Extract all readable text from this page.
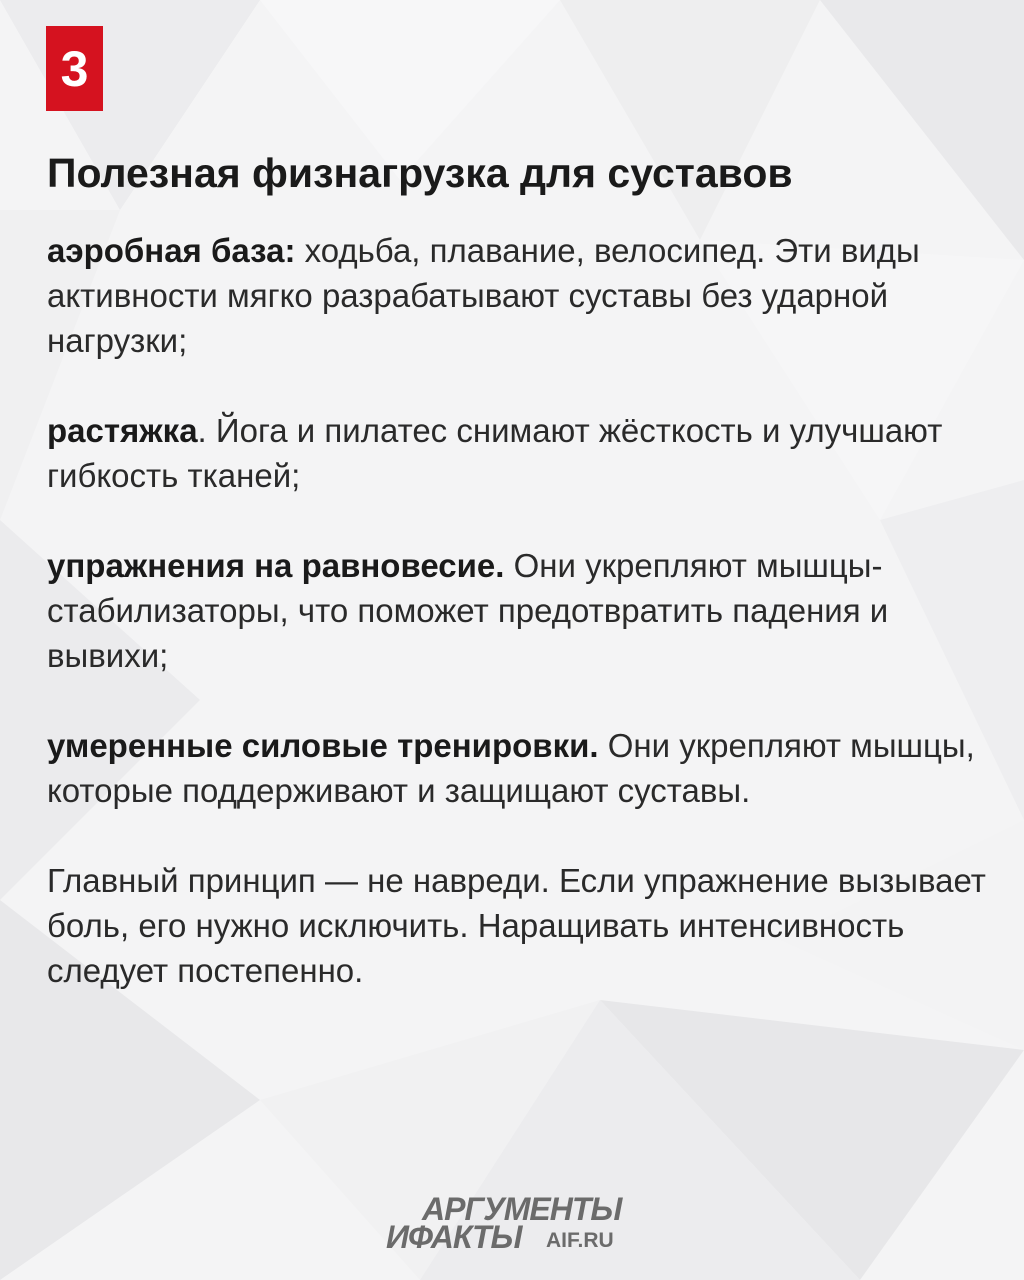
3
Полезная физнагрузка для суставов

аэробная база: ходьба, плавание, велосипед. Эти виды активности мягко разрабатывают суставы без ударной нагрузки;

растяжка. Йога и пилатес снимают жёсткость и улучшают гибкость тканей;

упражнения на равновесие. Они укрепляют мышцы-стабилизаторы, что поможет предотвратить падения и вывихи;

умеренные силовые тренировки. Они укрепляют мышцы, которые поддерживают и защищают суставы.

Главный принцип — не навреди. Если упражнение вызывает боль, его нужно исключить. Наращивать интенсивность следует постепенно.

АРГУМЕНТЫ
ИФАКТЫ AIF.RU
